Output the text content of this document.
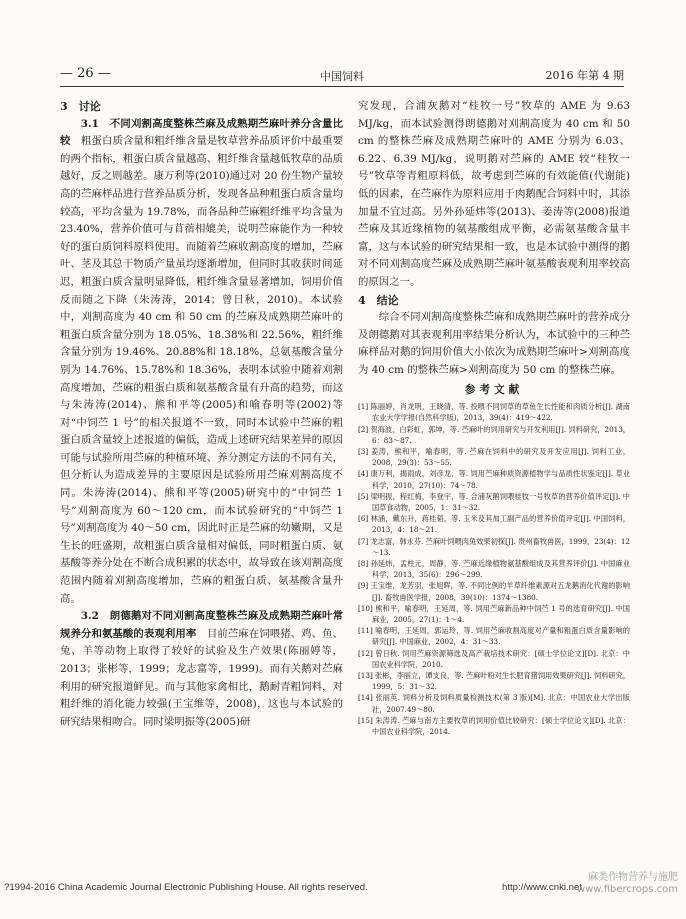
— 26 —	中国饲料	2016 年第 4 期
3　讨论

3.1　不同刈割高度整株苎麻及成熟期苎麻叶养分含量比较　 粗蛋白质含量和粗纤维含量是牧草营养品质评价中最重要的两个指标，粗蛋白质含量越高、粗纤维含量越低牧草的品质越好，反之则越差。康万利等(2010)通过对 20 份生物产量较高的苎麻样品进行营养品质分析，发现各品种粗蛋白质含量均较高，平均含量为 19.78%，而各品种苎麻粗纤维平均含量为 23.40%，营养价值可与苜蓿相媲美，说明苎麻能作为一种较好的蛋白质饲料原料使用。而随着苎麻收割高度的增加，苎麻叶、茎及其总干物质产量虽均逐渐增加，但同时其收获时间延迟，粗蛋白质含量明显降低，粗纤维含量显著增加，饲用价值反而随之下降（朱涛涛，2014；曾日秋，2010)。本试验中，刈割高度为 40 cm 和 50 cm 的苎麻及成熟期苎麻叶的粗蛋白质含量分别为 18.05%、18.38%和 22.56%，粗纤维含量分别为 19.46%、20.88%和 18.18%，总氨基酸含量分别为 14.76%、15.78%和 18.36%，表明本试验中随着刈割高度增加，苎麻的粗蛋白质和氨基酸含量有升高的趋势，而这与朱涛涛(2014)、熊和平等(2005)和喻春明等(2002)等对“中饲苎 1 号”的相关报道不一致，同时本试验中苎麻的粗蛋白质含量较上述报道的偏低，造成上述研究结果差异的原因可能与试验所用苎麻的种植环境、养分测定方法的不同有关，但分析认为造成差异的主要原因是试验所用苎麻刈割高度不同。朱涛涛(2014)、熊和平等(2005)研究中的“中饲苎 1 号”刈割高度为 60～120 cm，而本试验研究的“中饲苎 1 号”刈割高度为 40～50 cm，因此时正是苎麻的幼嫩期，又是生长的旺盛期，故粗蛋白质含量相对偏低，同时粗蛋白质、氨基酸等养分处在不断合成积累的状态中，故导致在该刈割高度范围内随着刈割高度增加，苎麻的粗蛋白质、氨基酸含量升高。

3.2　朗德鹅对不同刈割高度整株苎麻及成熟期苎麻叶常规养分和氨基酸的表观利用率　 目前苎麻在饲喂猪、鸡、鱼、兔、羊等动物上取得了较好的试验及生产效果(陈丽婷等，2013；张彬等，1999；龙志富等，1999)。而有关鹅对苎麻利用的研究报道鲜见。而与其他家禽相比，鹅耐青粗饲料，对粗纤维的消化能力较强(王宝维等，2008)，这也与本试验的研究结果相吻合。同时梁明振等(2005)研

究发现，合浦灰鹅对“桂牧一号”牧草的 AME 为 9.63 MJ/kg，而本试验测得朗德鹅对刈割高度为 40 cm 和 50 cm 的整株苎麻及成熟期苎麻叶的 AME 分别为 6.03、6.22、6.39 MJ/kg，说明鹅对苎麻的 AME 较“桂牧一号”牧草等青粗原料低，故考虑到苎麻的有效能值(代谢能)低的因素，在苎麻作为原料应用于肉鹅配合饲料中时，其添加量不宜过高。另外孙延炜等(2013)、姜涛等(2008)报道苎麻及其近缘植物的氨基酸组成平衡，必需氨基酸含量丰富，这与本试验的研究结果相一致，也是本试验中测得的鹅对不同刈割高度苎麻及成熟期苎麻叶氨基酸表观利用率较高的原因之一。

4　结论

综合不同刈割高度整株苎麻和成熟期苎麻叶的营养成分及朗德鹅对其表观利用率结果分析认为，本试验中的三种苎麻样品对鹅的饲用价值大小依次为成熟期苎麻叶>刈割高度为 40 cm 的整株苎麻>刈割高度为 50 cm 的整株苎麻。

参考文献

[1] 陈丽婷，肖龙明，王晓清，等. 投喂不同饲草的草鱼生长性能和肉质分析[J]. 湖南农业大学学报(自然科学版)，2013，39(4)：419～422.

[2] 贺海波，白彩虹，郭坤，等. 苎麻叶的饲用研究与开发利用[J]. 饲料研究，2013，6：83～87.

[3] 姜涛，熊和平，喻春明，等. 苎麻在饲料中的研究及开发应用[J]. 饲料工业，2008，29(3)：53～55.

[4] 康万利，揭雨成，刘彦龙，等. 饲用苎麻种质资源植物学与品质性状鉴定[J]. 草业科学，2010，27(10)：74～78.

[5] 梁明振，程红梅，李登宇，等. 合浦灰鹅饲喂桂牧一号牧草的营养价值评定[J]. 中国草食动物，2005，1：31～32.

[6] 林涵，戴东升，蒋桂韬，等. 玉米及其加工副产品的营养价值评定[J]. 中国饲料，2013，4：18～21.

[7] 龙志富，韩永芬. 苎麻叶饲喂肉兔效果初探[J]. 贵州畜牧兽医，1999，23(4)：12～13.

[8] 孙延炜，孟柱元，周静，等. 苎麻近缘植物氨基酸组成及其营养评价[J]. 中国麻业科学，2013，35(6)：296～299.

[9] 王宝维，龙芳羽，张旭晖，等. 不同比例的羊草纤维素源对五龙鹅消化代谢的影响[J]. 畜牧兽医学报，2008，39(10)：1374～1380.

[10] 熊和平，喻春明，王延周，等. 饲用苎麻新品种中饲苎 1 号的选育研究[J]. 中国麻业，2005，27(1)：1～4.

[11] 喻春明，王延周，郭运玲，等. 饲用苎麻收割高度对产量和粗蛋白质含量影响的研究[J]. 中国麻业，2002，4：31～33.

[12] 曾日秋. 饲用苎麻资源筛选及高产栽培技术研究：[硕士学位论文][D]. 北京：中国农业科学院，2010.

[13] 张彬，李丽立，谭支良，等. 苎麻叶粉对生长肥育猪饲用效果研究[J]. 饲料研究，1999，5：31～32.

[14] 张丽英. 饲料分析及饲料质量检测技术(第 3 版)[M]. 北京：中国农业大学出版社，2007.49～80.

[15] 朱涛涛. 苎麻与南方主要牧草的饲用价值比较研究：[硕士学位论文][D]. 北京：中国农业科学院，2014.

?1994-2016 China Academic Journal Electronic Publishing House. All rights reserved.	http://www.cnki.net
麻类作物营养与施肥
www.fibercrops.com
